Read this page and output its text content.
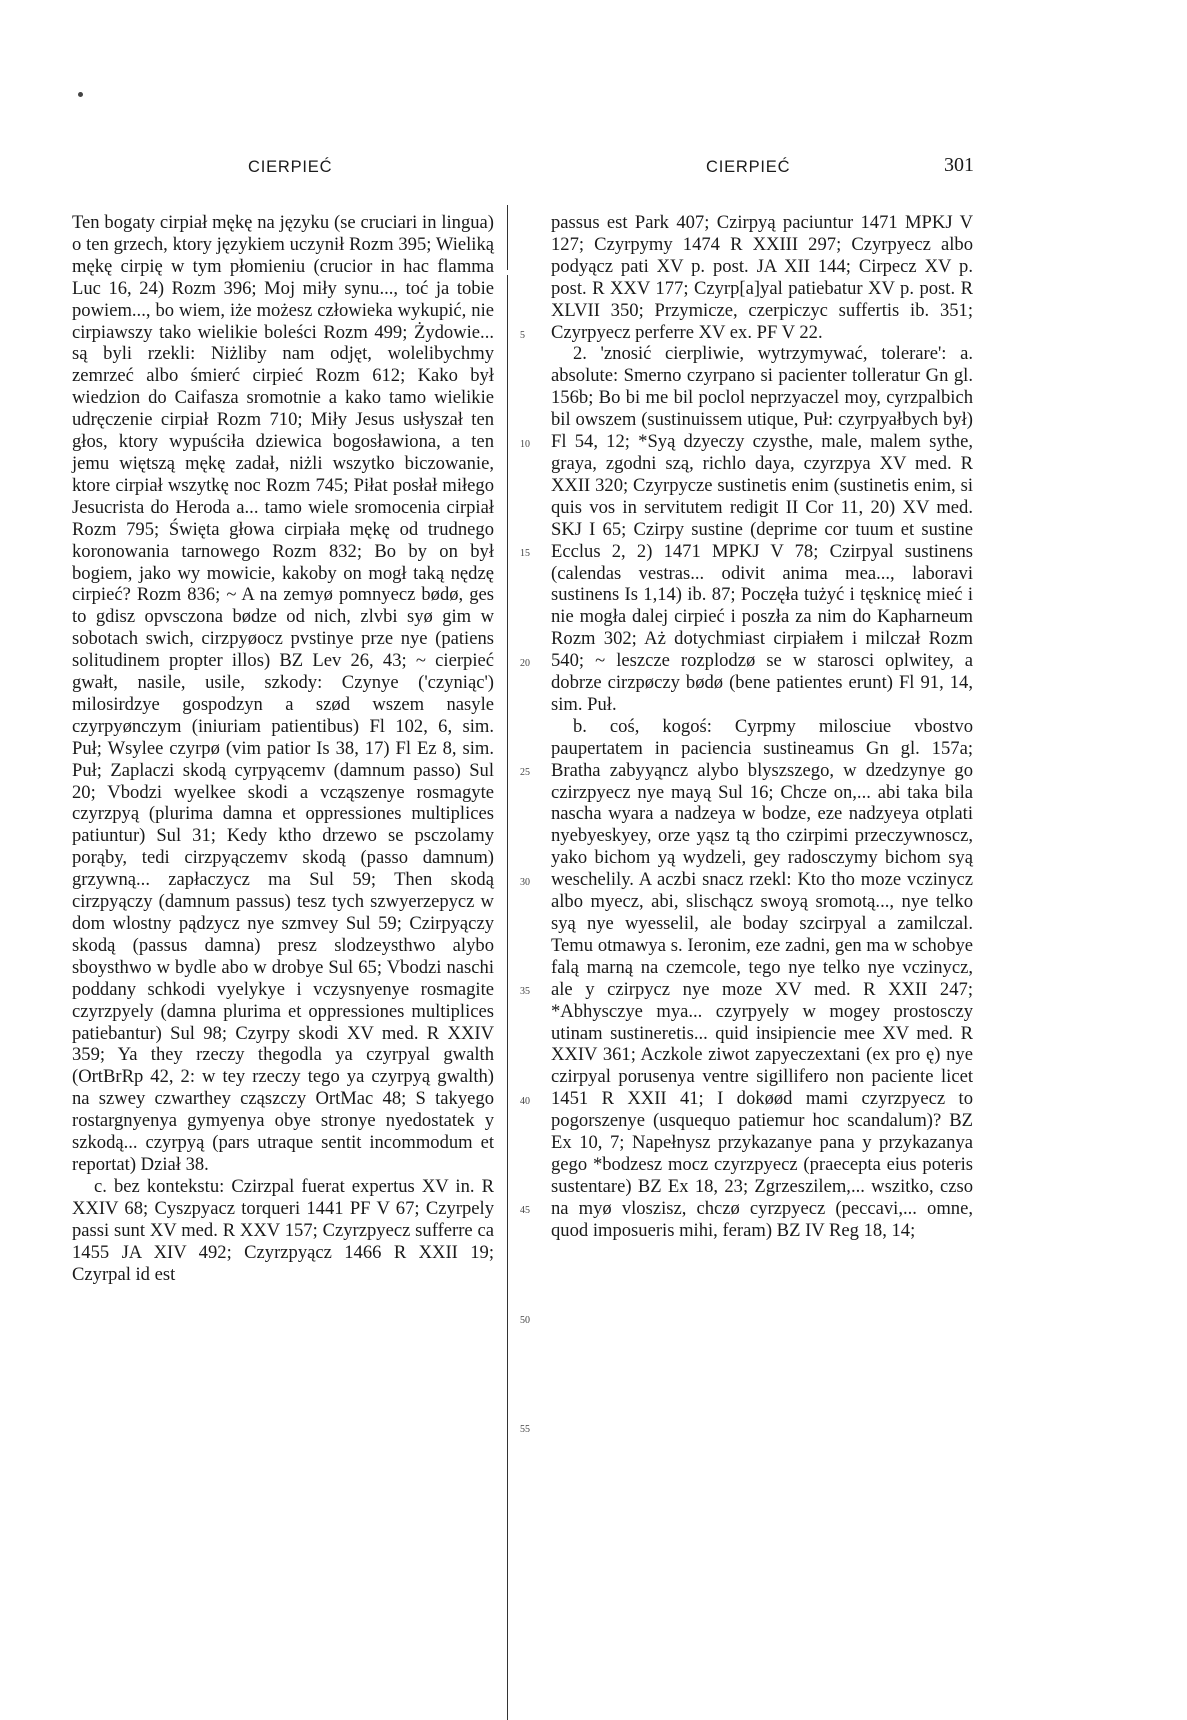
CIERPIEĆ	CIERPIEĆ	301

Ten bogaty cirpiał mękę na języku (se cruciari in lingua) o ten grzech, ktory językiem uczynił Rozm 395; Wieliką mękę cirpię w tym płomieniu (crucior in hac flamma Luc 16, 24) Rozm 396; Moj miły synu..., toć ja tobie powiem..., bo wiem, iże możesz człowieka wykupić, nie cirpiawszy tako wielikie boleści Rozm 499; Żydowie... są byli rzekli: Niżliby nam odjęt, wolelibychmy zemrzeć albo śmierć cirpieć Rozm 612; Kako był wiedzion do Caifasza sromotnie a kako tamo wielikie udręczenie cirpiał Rozm 710; Miły Jesus usłyszał ten głos, ktory wypuściła dziewica bogosławiona, a ten jemu więtszą mękę zadał, niżli wszytko biczowanie, ktore cirpiał wszytkę noc Rozm 745; Piłat posłał miłego Jesucrista do Heroda a... tamo wiele sromocenia cirpiał Rozm 795; Święta głowa cirpiała mękę od trudnego koronowania tarnowego Rozm 832; Bo by on był bogiem, jako wy mowicie, kakoby on mogł taką nędzę cirpieć? Rozm 836; ~ A na zemyø pomnyecz bødø, ges to gdisz opvsczona bødze od nich, zlvbi syø gim w sobotach swich, cirzpyøocz pvstinye prze nye (patiens solitudinem propter illos) BZ Lev 26, 43; ~ cierpieć gwałt, nasile, usile, szkody: Czynye ('czyniąc') milosirdzye gospodzyn a szød wszem nasyle czyrpyønczym (iniuriam patientibus) Fl 102, 6, sim. Puł; Wsylee czyrpø (vim patior Is 38, 17) Fl Ez 8, sim. Puł; Zaplaczi skodą cyrpyącemv (damnum passo) Sul 20; Vbodzi wyelkee skodi a vcząszenye rosmagyte czyrzpyą (plurima damna et oppressiones multiplices patiuntur) Sul 31; Kedy ktho drzewo se psczolamy porąby, tedi cirzpyączemv skodą (passo damnum) grzywną... zapłaczycz ma Sul 59; Then skodą cirzpyączy (damnum passus) tesz tych szwyerzepycz w dom wlostny pądzycz nye szmvey Sul 59; Czirpyączy skodą (passus damna) presz slodzeysthwo alybo sboysthwo w bydle abo w drobye Sul 65; Vbodzi naschi poddany schkodi vyelykye i vczysnyenye rosmagite czyrzpyely (damna plurima et oppressiones multiplices patiebantur) Sul 98; Czyrpy skodi XV med. R XXIV 359; Ya they rzeczy thegodla ya czyrpyal gwalth (OrtBrRp 42, 2: w tey rzeczy tego ya czyrpyą gwalth) na szwey czwarthey cząszczy OrtMac 48; S takyego rostargnyenya gymyenya obye stronye nyedostatek y szkodą... czyrpyą (pars utraque sentit incommodum et reportat) Dział 38.

c. bez kontekstu: Czirzpal fuerat expertus XV in. R XXIV 68; Cyszpyacz torqueri 1441 PF V 67; Czyrpely passi sunt XV med. R XXV 157; Czyrzpyecz sufferre ca 1455 JA XIV 492; Czyrzpyącz 1466 R XXII 19; Czyrpal id est

5
10
15
20
25
30
35
40
45
50
55

passus est Park 407; Czirpyą paciuntur 1471 MPKJ V 127; Czyrpymy 1474 R XXIII 297; Czyrpyecz albo podyącz pati XV p. post. JA XII 144; Cirpecz XV p. post. R XXV 177; Czyrp[a]yal patiebatur XV p. post. R XLVII 350; Przymicze, czerpiczyc suffertis ib. 351; Czyrpyecz perferre XV ex. PF V 22.

2. 'znosić cierpliwie, wytrzymywać, tolerare': a. absolute: Smerno czyrpano si pacienter tolleratur Gn gl. 156b; Bo bi me bil poclol neprzyaczel moy, cyrzpalbich bil owszem (sustinuissem utique, Puł: czyrpyałbych był) Fl 54, 12; *Syą dzyeczy czysthe, male, malem sythe, graya, zgodni szą, richlo daya, czyrzpya XV med. R XXII 320; Czyrpycze sustinetis enim (sustinetis enim, si quis vos in servitutem redigit II Cor 11, 20) XV med. SKJ I 65; Czirpy sustine (deprime cor tuum et sustine Ecclus 2, 2) 1471 MPKJ V 78; Czirpyal sustinens (calendas vestras... odivit anima mea..., laboravi sustinens Is 1,14) ib. 87; Poczęła tużyć i tęsknicę mieć i nie mogła dalej cirpieć i poszła za nim do Kapharneum Rozm 302; Aż dotychmiast cirpiałem i milczał Rozm 540; ~ leszcze rozplodzø se w starosci oplwitey, a dobrze cirzpøczy bødø (bene patientes erunt) Fl 91, 14, sim. Puł.

b. coś, kogoś: Cyrpmy milosciue vbostvo paupertatem in paciencia sustineamus Gn gl. 157a; Bratha zabyyąncz alybo blyszszego, w dzedzynye go czirzpyecz nye mayą Sul 16; Chcze on,... abi taka bila nascha wyara a nadzeya w bodze, eze nadzyeya otplati nyebyeskyey, orze yąsz tą tho czirpimi przeczywnoscz, yako bichom yą wydzeli, gey radosczymy bichom syą weschelily. A aczbi snacz rzekl: Kto tho moze vczinycz albo myecz, abi, slischącz swoyą sromotą..., nye telko syą nye wyesselil, ale boday szcirpyal a zamilczal. Temu otmawya s. Ieronim, eze zadni, gen ma w schobye falą marną na czemcole, tego nye telko nye vczinycz, ale y czirpycz nye moze XV med. R XXII 247; *Abhysczye mya... czyrpyely w mogey prostosczy utinam sustineretis... quid insipiencie mee XV med. R XXIV 361; Aczkole ziwot zapyeczextani (ex pro ę) nye czirpyal porusenya ventre sigillifero non paciente licet 1451 R XXII 41; I dokøød mami czyrzpyecz to pogorszenye (usquequo patiemur hoc scandalum)? BZ Ex 10, 7; Napełnysz przykazanye pana y przykazanya gego *bodzesz mocz czyrzpyecz (praecepta eius poteris sustentare) BZ Ex 18, 23; Zgrzeszilem,... wszitko, czso na myø vloszisz, chczø cyrzpyecz (peccavi,... omne, quod imposueris mihi, feram) BZ IV Reg 18, 14;
